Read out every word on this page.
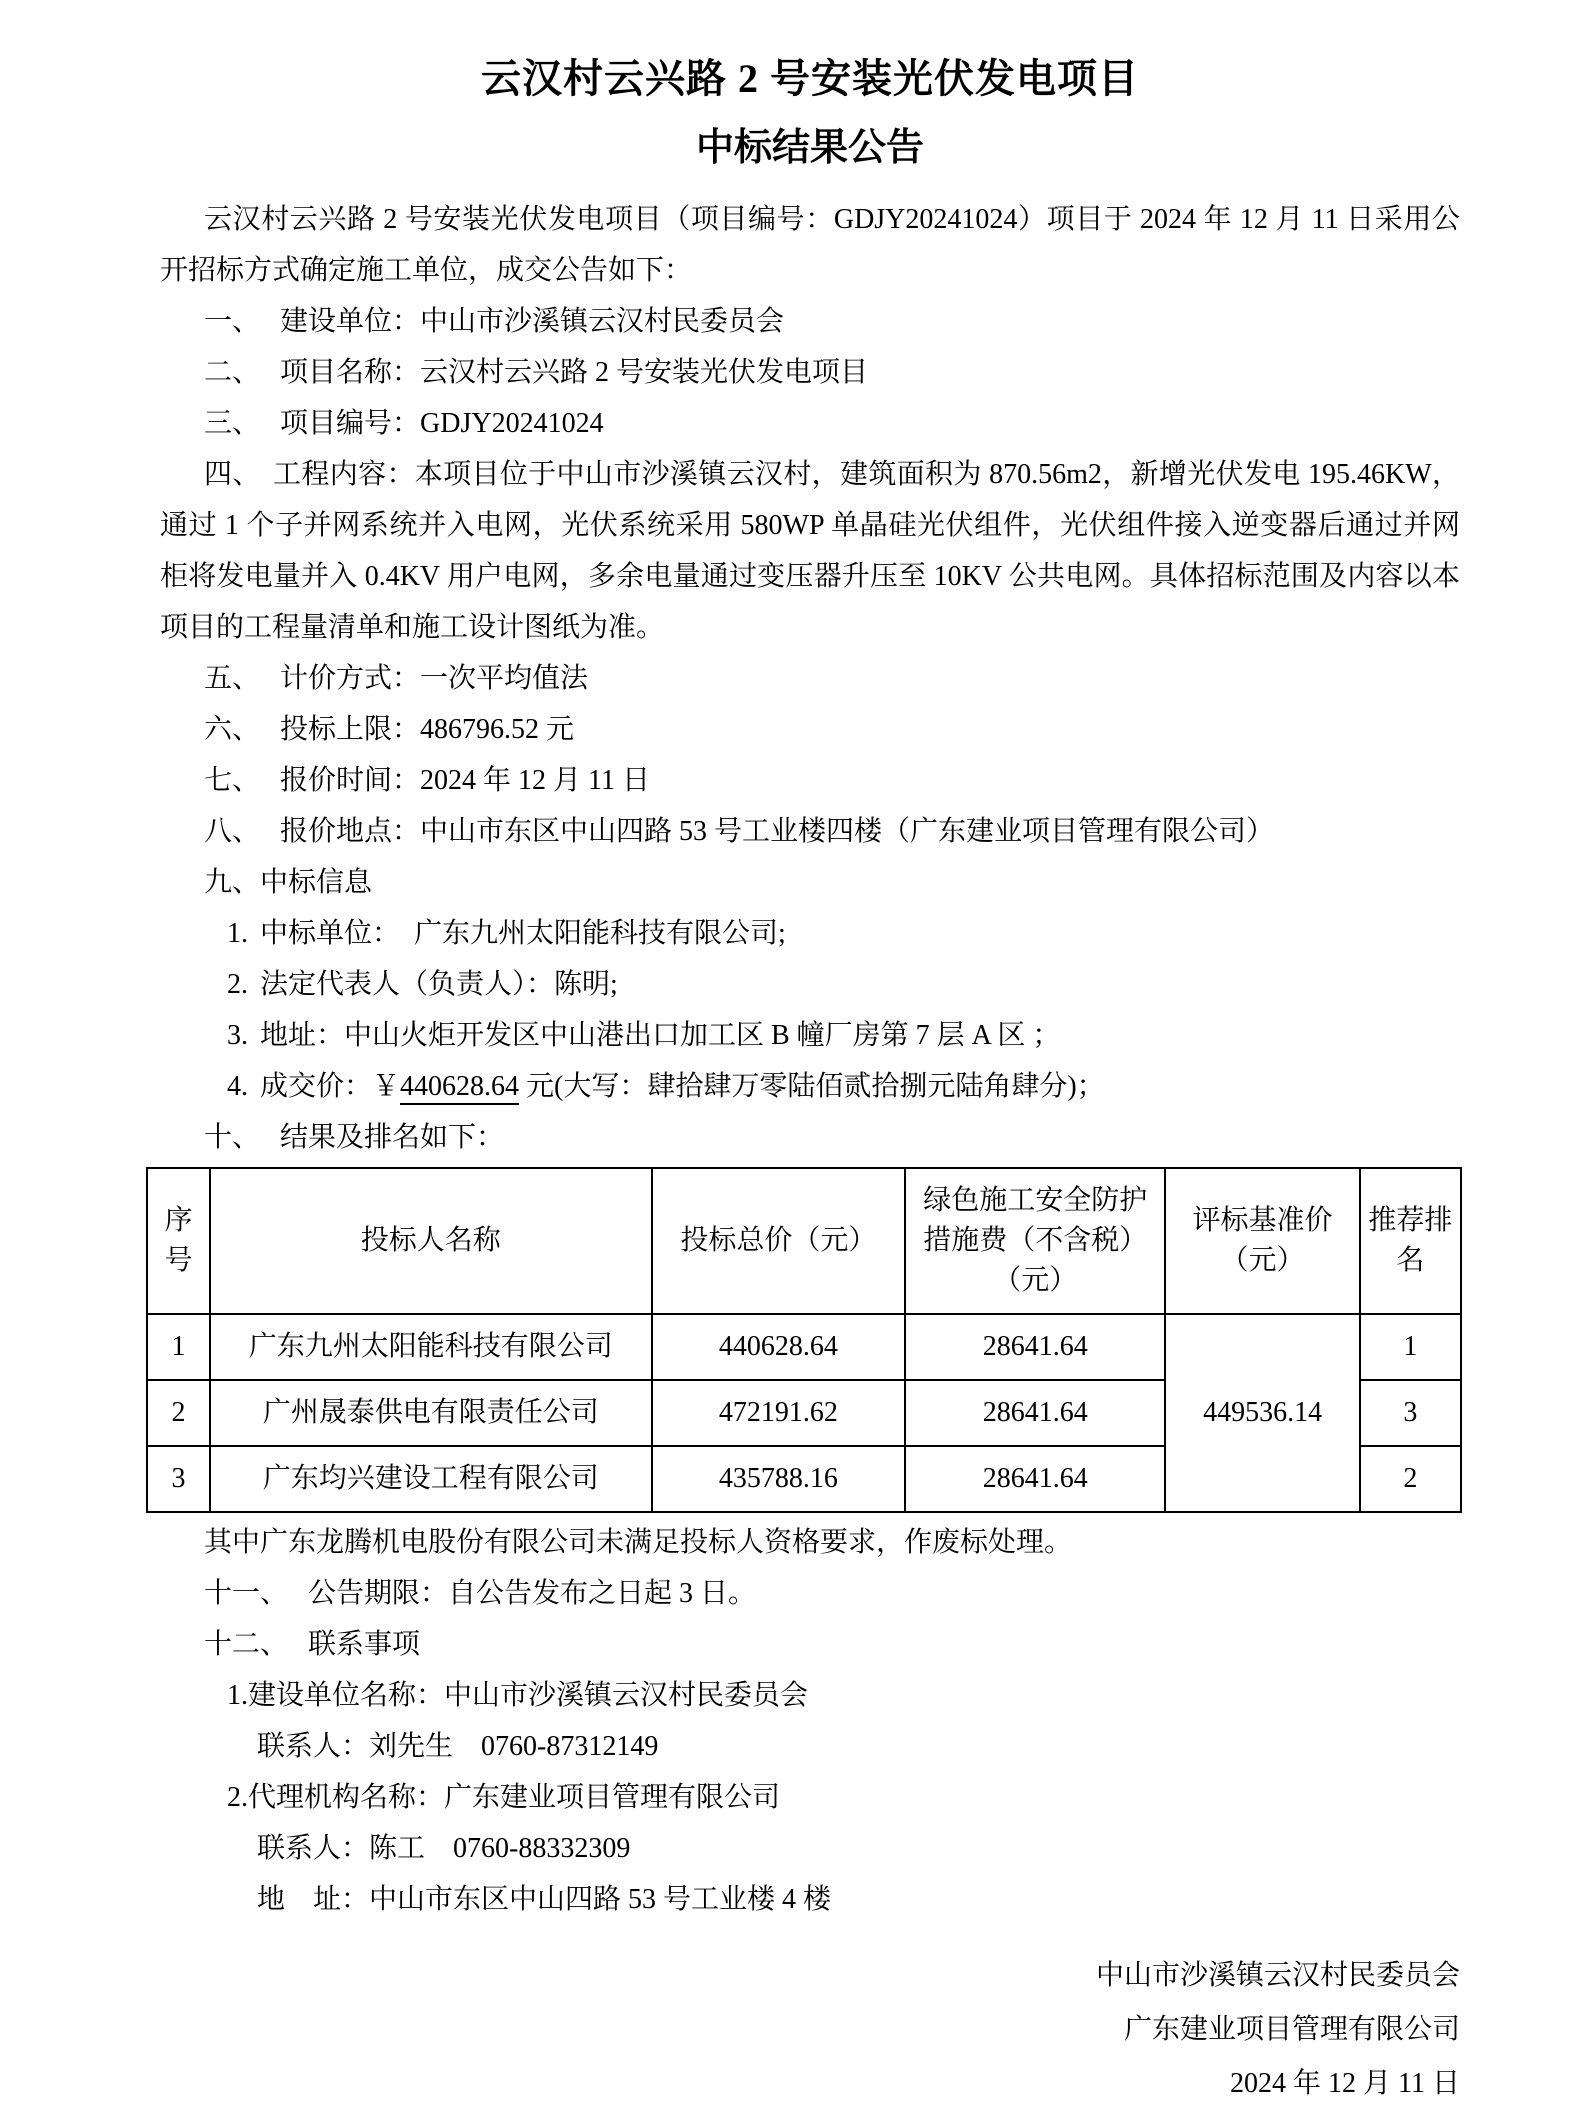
云汉村云兴路 2 号安装光伏发电项目
中标结果公告

云汉村云兴路 2 号安装光伏发电项目（项目编号：GDJY20241024）项目于 2024 年 12 月 11 日采用公开招标方式确定施工单位，成交公告如下：

一、 建设单位：中山市沙溪镇云汉村民委员会

二、 项目名称：云汉村云兴路 2 号安装光伏发电项目

三、 项目编号：GDJY20241024

四、 工程内容：本项目位于中山市沙溪镇云汉村，建筑面积为 870.56m2，新增光伏发电 195.46KW，通过 1 个子并网系统并入电网，光伏系统采用 580WP 单晶硅光伏组件，光伏组件接入逆变器后通过并网柜将发电量并入 0.4KV 用户电网，多余电量通过变压器升压至 10KV 公共电网。具体招标范围及内容以本项目的工程量清单和施工设计图纸为准。

五、 计价方式：一次平均值法

六、 投标上限：486796.52 元

七、 报价时间：2024 年 12 月 11 日

八、 报价地点：中山市东区中山四路 53 号工业楼四楼（广东建业项目管理有限公司）

九、中标信息

1. 中标单位：　广东九州太阳能科技有限公司;

2. 法定代表人（负责人）：陈明;

3. 地址：中山火炬开发区中山港出口加工区 B 幢厂房第 7 层 A 区 ；

4. 成交价：￥440628.64 元(大写：肆拾肆万零陆佰贰拾捌元陆角肆分)；

十、 结果及排名如下：

序号	投标人名称	投标总价（元）	绿色施工安全防护措施费（不含税）（元）	评标基准价（元）	推荐排名
1	广东九州太阳能科技有限公司	440628.64	28641.64	449536.14	1
2	广州晟泰供电有限责任公司	472191.62	28641.64		3
3	广东均兴建设工程有限公司	435788.16	28641.64		2

其中广东龙腾机电股份有限公司未满足投标人资格要求，作废标处理。

十一、 公告期限：自公告发布之日起 3 日。

十二、 联系事项

1.建设单位名称：中山市沙溪镇云汉村民委员会

联系人：刘先生　0760-87312149

2.代理机构名称：广东建业项目管理有限公司

联系人：陈工　0760-88332309

地　址：中山市东区中山四路 53 号工业楼 4 楼

中山市沙溪镇云汉村民委员会
广东建业项目管理有限公司
2024 年 12 月 11 日
